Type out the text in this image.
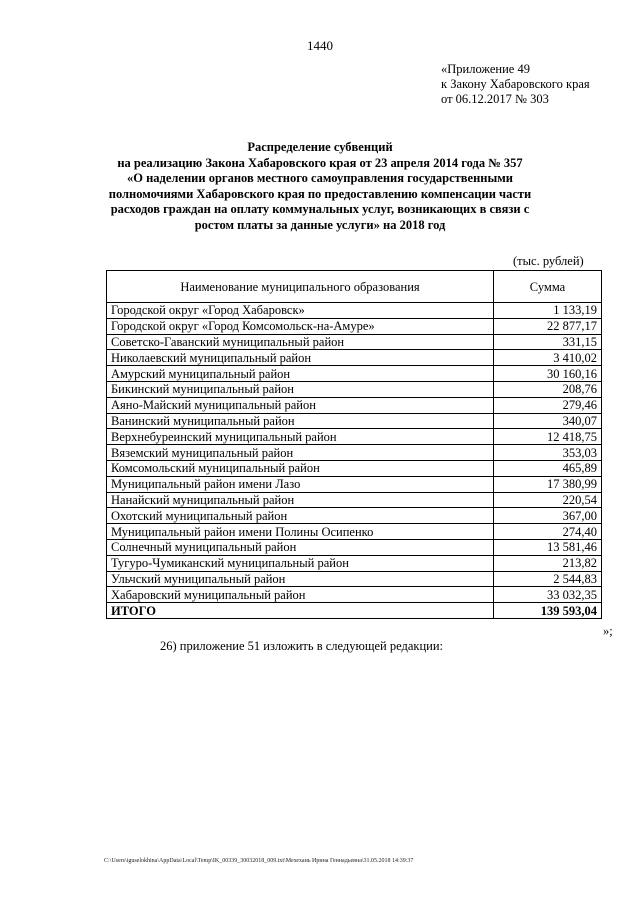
1440
«Приложение 49
к Закону Хабаровского края
от 06.12.2017 № 303
Распределение субвенций
на реализацию Закона Хабаровского края от 23 апреля 2014 года № 357
«О наделении органов местного самоуправления государственными
полномочиями Хабаровского края по предоставлению компенсации части
расходов граждан на оплату коммунальных услуг, возникающих в связи с
ростом платы за данные услуги» на 2018 год
(тыс. рублей)
Наименование муниципального образования	Сумма
Городской округ «Город Хабаровск»	1 133,19
Городской округ «Город Комсомольск-на-Амуре»	22 877,17
Советско-Гаванский муниципальный район	331,15
Николаевский муниципальный район	3 410,02
Амурский муниципальный район	30 160,16
Бикинский муниципальный район	208,76
Аяно-Майский муниципальный район	279,46
Ванинский муниципальный район	340,07
Верхнебуреинский муниципальный район	12 418,75
Вяземский муниципальный район	353,03
Комсомольский муниципальный район	465,89
Муниципальный район имени Лазо	17 380,99
Нанайский муниципальный район	220,54
Охотский муниципальный район	367,00
Муниципальный район имени Полины Осипенко	274,40
Солнечный муниципальный район	13 581,46
Тугуро-Чумиканский муниципальный район	213,82
Ульчский муниципальный район	2 544,83
Хабаровский муниципальный район	33 032,35
ИТОГО	139 593,04
»;
26) приложение 51 изложить в следующей редакции:
C:\Users\iguselokhina\AppData\Local\Temp\IK_00339_30032018_009.txt\Мехехань Ирина Геннадьевна\31.05.2018 14:39:37
